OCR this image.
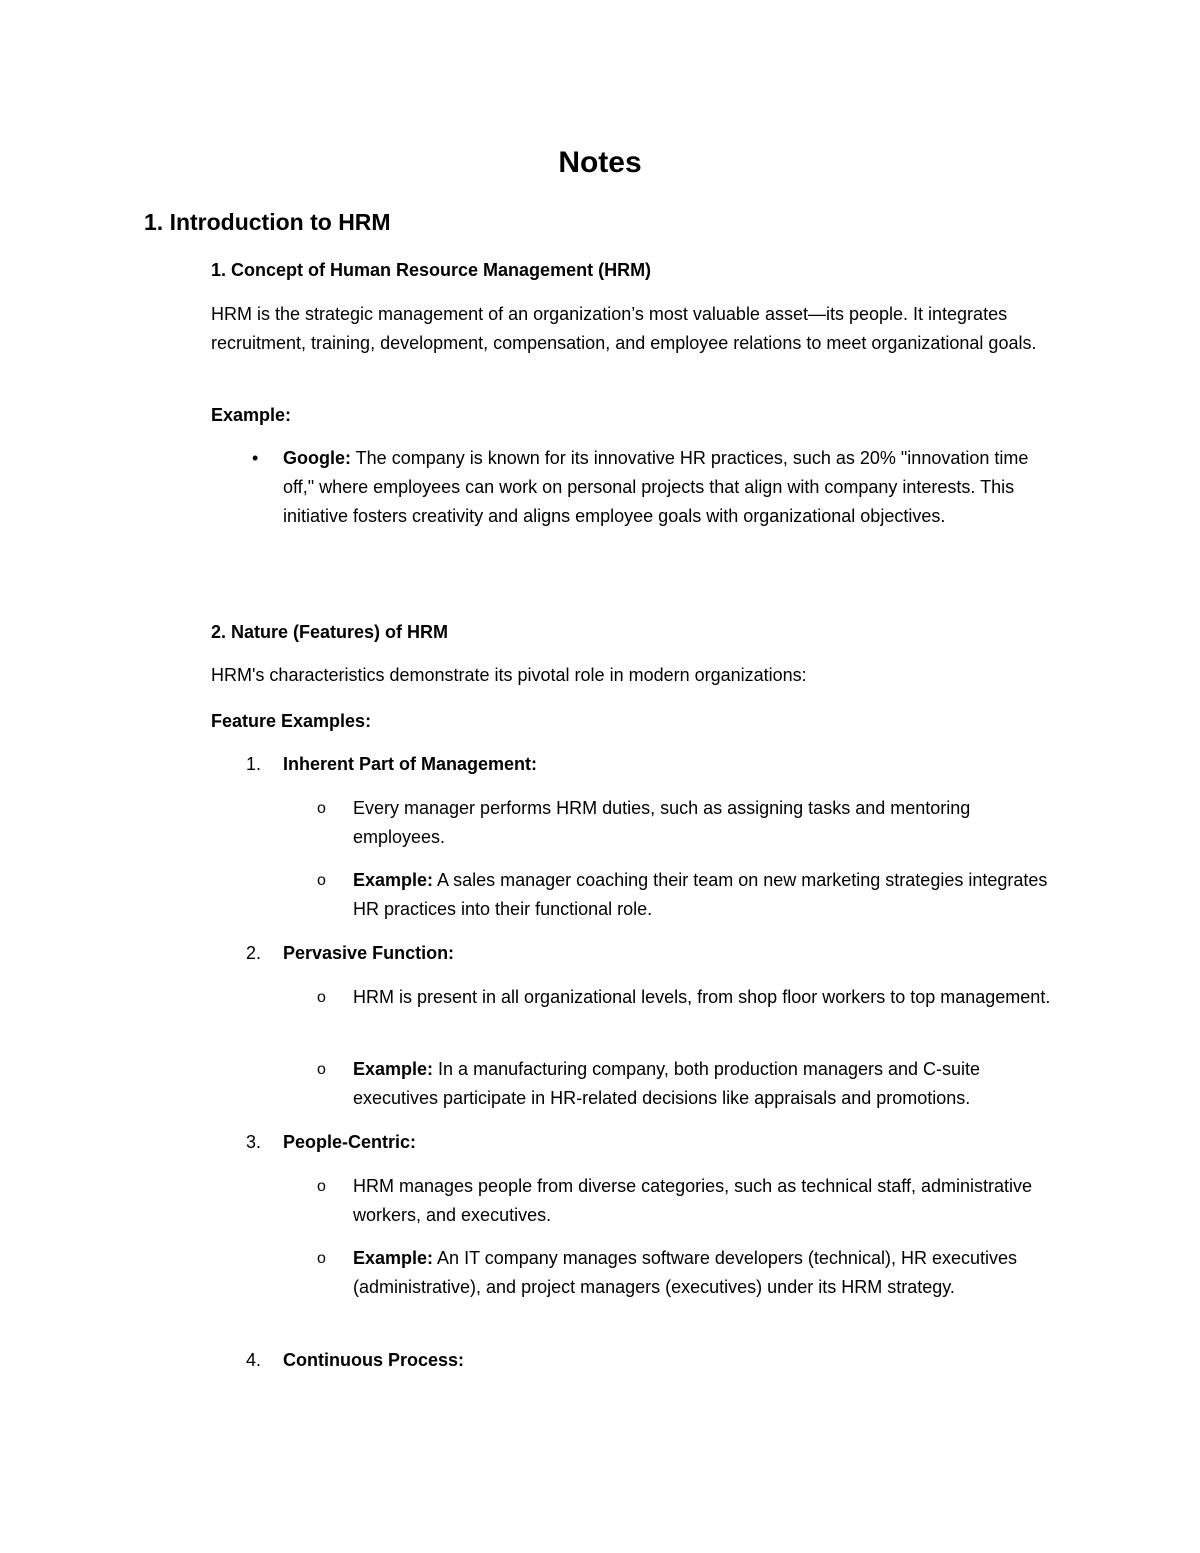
Notes
1. Introduction to HRM
1. Concept of Human Resource Management (HRM)
HRM is the strategic management of an organization’s most valuable asset—its people. It integrates recruitment, training, development, compensation, and employee relations to meet organizational goals.
Example:
• Google: The company is known for its innovative HR practices, such as 20% "innovation time off," where employees can work on personal projects that align with company interests. This initiative fosters creativity and aligns employee goals with organizational objectives.
2. Nature (Features) of HRM
HRM's characteristics demonstrate its pivotal role in modern organizations:
Feature Examples:
1. Inherent Part of Management:
o Every manager performs HRM duties, such as assigning tasks and mentoring employees.
o Example: A sales manager coaching their team on new marketing strategies integrates HR practices into their functional role.
2. Pervasive Function:
o HRM is present in all organizational levels, from shop floor workers to top management.
o Example: In a manufacturing company, both production managers and C-suite executives participate in HR-related decisions like appraisals and promotions.
3. People-Centric:
o HRM manages people from diverse categories, such as technical staff, administrative workers, and executives.
o Example: An IT company manages software developers (technical), HR executives (administrative), and project managers (executives) under its HRM strategy.
4. Continuous Process:
